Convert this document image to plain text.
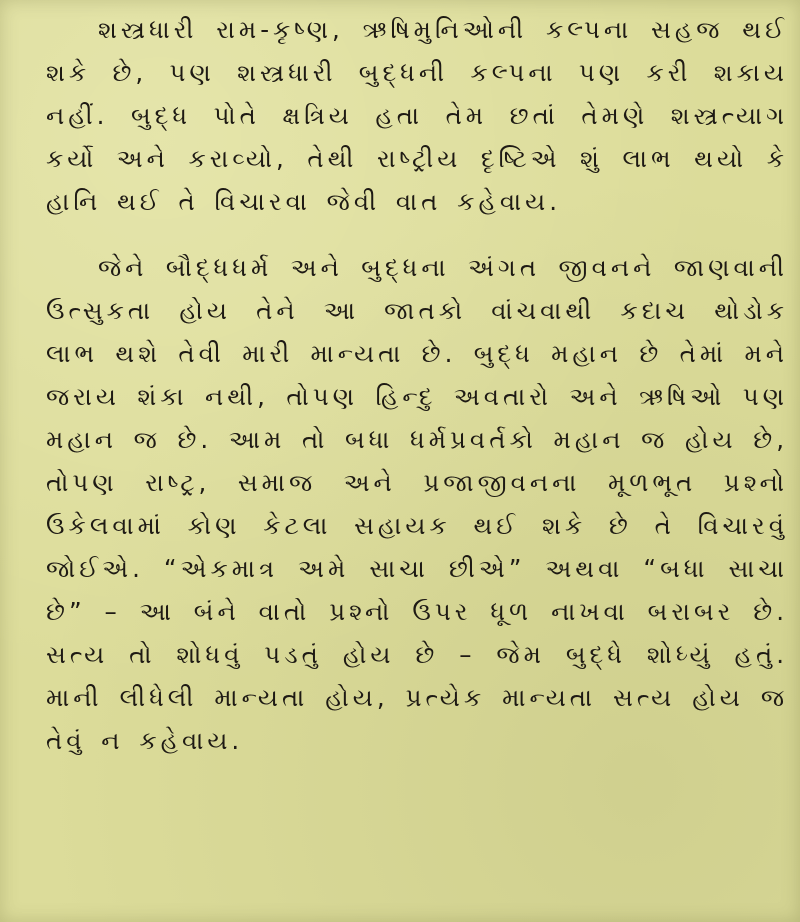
શસ્ત્રધારી રામ-કૃષ્ણ, ઋષિમુનિઓની કલ્પના સહજ થઈ શકે છે, પણ શસ્ત્રધારી બુદ્ધની કલ્પના પણ કરી શકાય નહીં. બુદ્ધ પોતે ક્ષત્રિય હતા તેમ છતાં તેમણે શસ્ત્રત્યાગ કર્યો અને કરાવ્યો, તેથી રાષ્ટ્રીય દૃષ્ટિએ શું લાભ થયો કે હાનિ થઈ તે વિચારવા જેવી વાત કહેવાય.

જેને બૌદ્ધધર્મ અને બુદ્ધના અંગત જીવનને જાણવાની ઉત્સુકતા હોય તેને આ જાતકો વાંચવાથી કદાચ થોડોક લાભ થશે તેવી મારી માન્યતા છે. બુદ્ધ મહાન છે તેમાં મને જરાય શંકા નથી, તોપણ હિન્દુ અવતારો અને ઋષિઓ પણ મહાન જ છે. આમ તો બધા ધર્મપ્રવર્તકો મહાન જ હોય છે, તોપણ રાષ્ટ્ર, સમાજ અને પ્રજાજીવનના મૂળભૂત પ્રશ્નો ઉકેલવામાં કોણ કેટલા સહાયક થઈ શકે છે તે વિચારવું જોઈએ. “એકમાત્ર અમે સાચા છીએ” અથવા “બધા સાચા છે” – આ બંને વાતો પ્રશ્નો ઉપર ધૂળ નાખવા બરાબર છે. સત્ય તો શોધવું પડતું હોય છે – જેમ બુદ્ધે શોધ્યું હતું. માની લીધેલી માન્યતા હોય, પ્રત્યેક માન્યતા સત્ય હોય જ તેવું ન કહેવાય.
